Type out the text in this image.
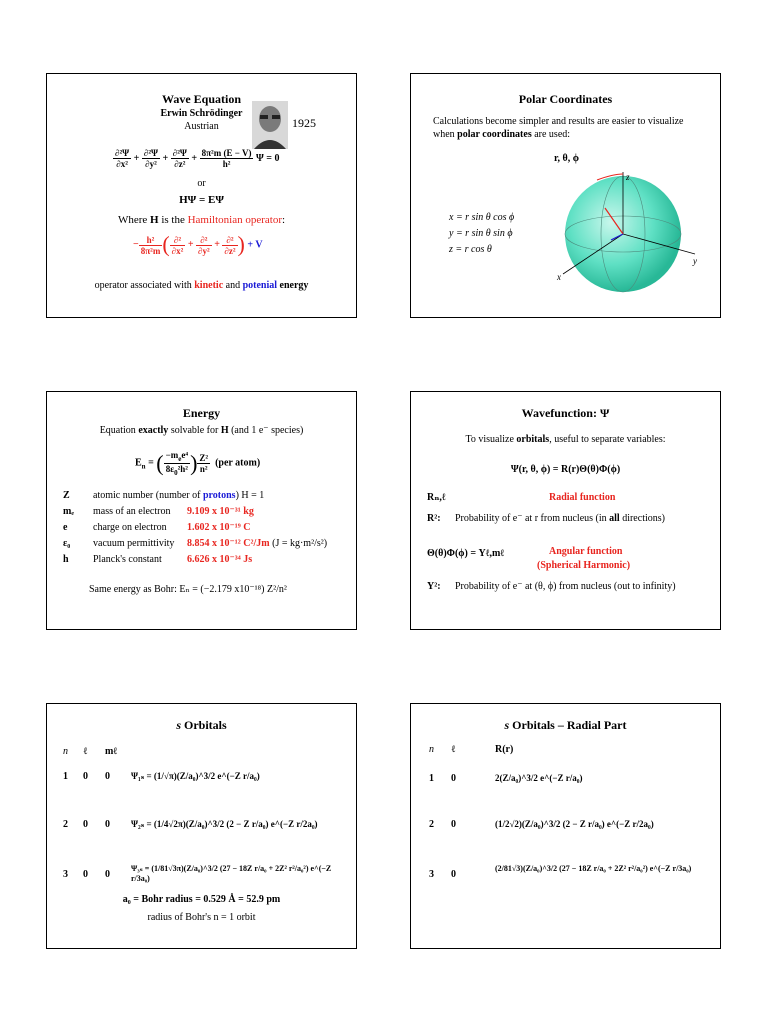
Wave Equation
Erwin Schrödinger
Austrian	1925
$\frac{\text{∂²Ψ}}{\text{∂x²}} + \frac{\text{∂²Ψ}}{\text{∂y²}} + \frac{\text{∂²Ψ}}{\text{∂z²}} + \frac{\text{8π²m (E − V)}}{\text{h²}}$ Ψ = 0
or
HΨ = EΨ
Where H is the Hamiltonian operator:
− $\frac{\text{h²}}{\text{8π²m}}$ ( $\frac{\text{∂²}}{\text{∂x²}} + \frac{\text{∂²}}{\text{∂y²}} + \frac{\text{∂²}}{\text{∂z²}}$ ) + V
operator associated with kinetic and potenial energy
Polar Coordinates
Calculations become simpler and results are easier to visualize
when polar coordinates are used:
r, θ, ϕ
x = r sin θ cos ϕ
y = r sin θ sin ϕ
z = r cos θ
z
x
y
Energy
Equation exactly solvable for H (and 1 e⁻ species)
$E_n$ = ( $\frac{-m_ee^4}{8\varepsilon_0^2h^2}$ ) $\frac{\text{Z²}}{\text{n²}} (per$ atom)
Z atomic number (number of protons) H = 1
mₑ mass of an electron 9.109 x 10⁻³¹ kg
e	charge on electron 1.602 x 10⁻¹⁹ C
ε₀ vacuum permittivity 8.854 x 10⁻¹² C²/Jm (J = kg·m²/s²)
h Planck's constant	6.626 x 10⁻³⁴ Js
Same energy as Bohr: Eₙ = (−2.179 x10⁻¹⁸) Z²/n²
Wavefunction: Ψ
To visualize orbitals, useful to separate variables:
Ψ(r, θ, ϕ) = R(r)Θ(θ)Φ(ϕ)
Rₙ,ℓ	Radial function
R²: Probability of e⁻ at r from nucleus (in all directions)
Θ(θ)Φ(ϕ) = Yℓ,mℓ	Angular function
(Spherical Harmonic)
Y²: Probability of e⁻ at (θ, ϕ) from nucleus (out to infinity)
s Orbitals
n ℓ mℓ
1 0 0 Ψ₁ₛ = (1/√π)(Z/a₀)^3/2 e^(−Z r/a₀)
2 0 0 Ψ₂ₛ = (1/4√2π)(Z/a₀)^3/2 (2 − Z r/a₀) e^(−Z r/2a₀)
3 0 0
Ψ₃ₛ = (1/81√3π)(Z/a₀)^3/2 (27 − 18Z r/a₀ + 2Z² r²/a₀²) e^(−Z r/3a₀)
a₀ = Bohr radius = 0.529 Å = 52.9 pm
radius of Bohr's n = 1 orbit
s Orbitals – Radial Part
n ℓ	R(r)
1 0	2(Z/a₀)^3/2 e^(−Z r/a₀)
2 0	(1/2√2)(Z/a₀)^3/2 (2 − Z r/a₀) e^(−Z r/2a₀)
3 0
(2/81√3)(Z/a₀)^3/2 (27 − 18Z r/a₀ + 2Z² r²/a₀²) e^(−Z r/3a₀)
